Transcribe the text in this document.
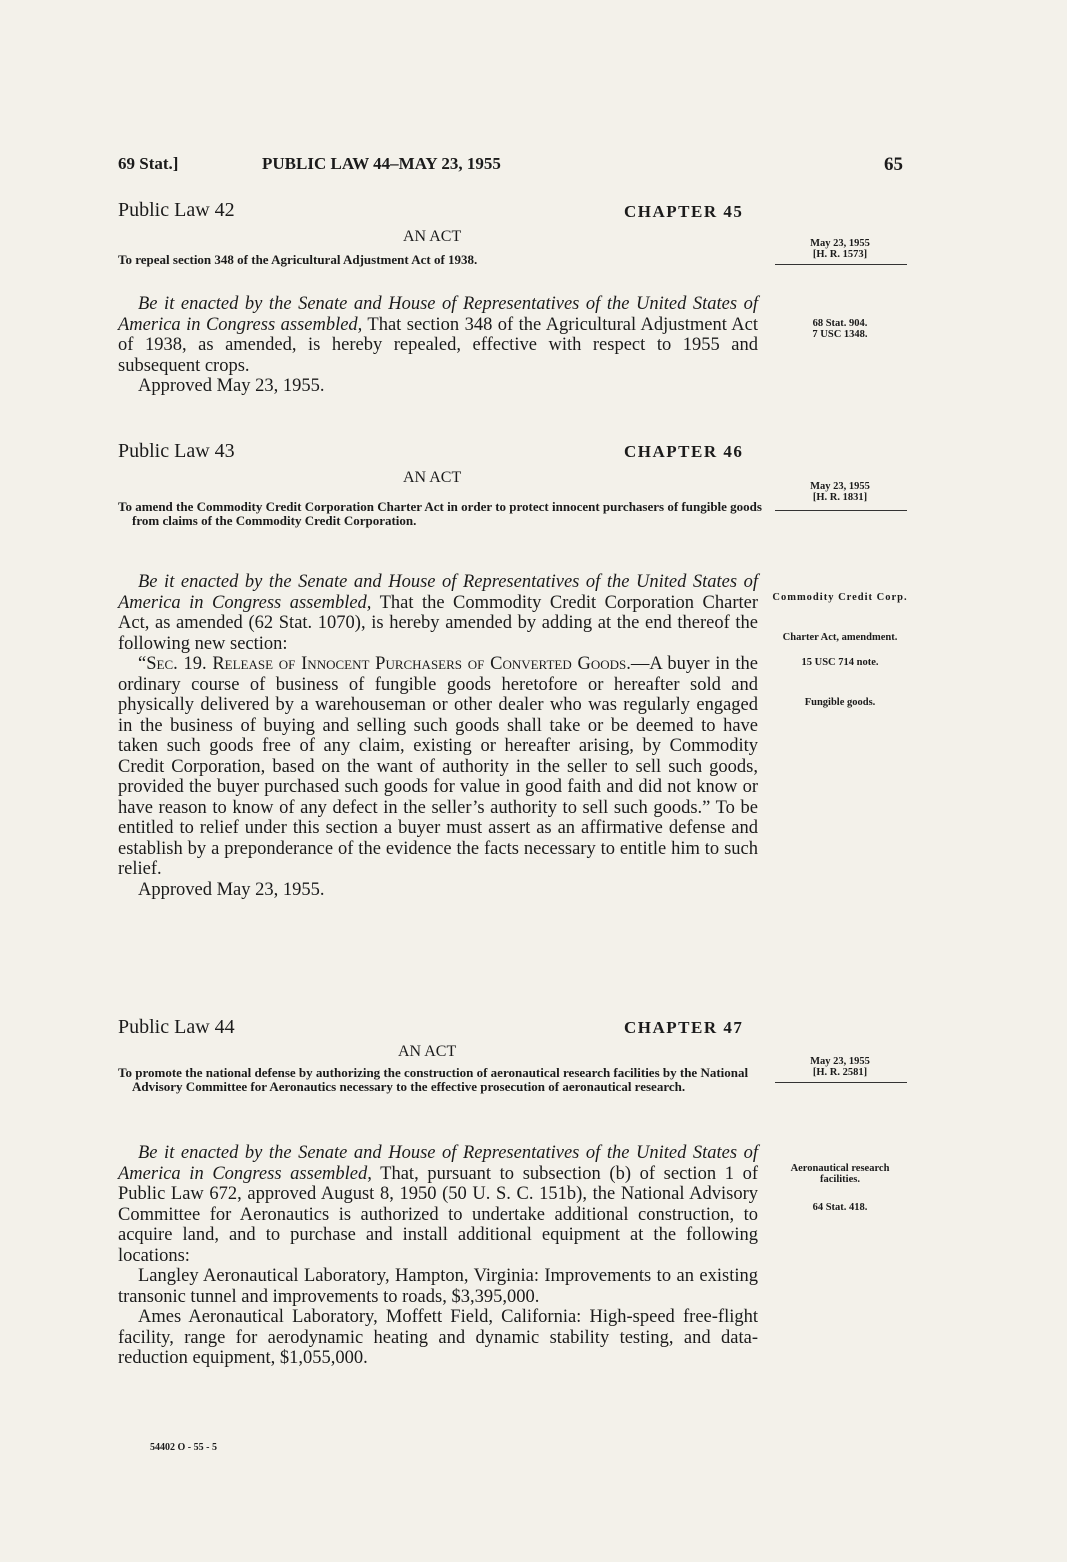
69 Stat.]	PUBLIC LAW 44–MAY 23, 1955	65
Public Law 42	CHAPTER 45
AN ACT
To repeal section 348 of the Agricultural Adjustment Act of 1938.
May 23, 1955
[H. R. 1573]

Be it enacted by the Senate and House of Representatives of the United States of America in Congress assembled, That section 348 of the Agricultural Adjustment Act of 1938, as amended, is hereby repealed, effective with respect to 1955 and subsequent crops.

Approved May 23, 1955.

68 Stat. 904.
7 USC 1348.
Public Law 43	CHAPTER 46
AN ACT
To amend the Commodity Credit Corporation Charter Act in order to protect innocent purchasers of fungible goods from claims of the Commodity Credit Corporation.
May 23, 1955
[H. R. 1831]

Be it enacted by the Senate and House of Representatives of the United States of America in Congress assembled, That the Commodity Credit Corporation Charter Act, as amended (62 Stat. 1070), is hereby amended by adding at the end thereof the following new section:

“Sec. 19. Release of Innocent Purchasers of Converted Goods.—A buyer in the ordinary course of business of fungible goods heretofore or hereafter sold and physically delivered by a warehouseman or other dealer who was regularly engaged in the business of buying and selling such goods shall take or be deemed to have taken such goods free of any claim, existing or hereafter arising, by Commodity Credit Corporation, based on the want of authority in the seller to sell such goods, provided the buyer purchased such goods for value in good faith and did not know or have reason to know of any defect in the seller’s authority to sell such goods.” To be entitled to relief under this section a buyer must assert as an affirmative defense and establish by a preponderance of the evidence the facts necessary to entitle him to such relief.

Approved May 23, 1955.

Commodity Credit Corp.
Charter Act, amendment.
15 USC 714 note.
Fungible goods.
Public Law 44	CHAPTER 47
AN ACT
To promote the national defense by authorizing the construction of aeronautical research facilities by the National Advisory Committee for Aeronautics necessary to the effective prosecution of aeronautical research.
May 23, 1955
[H. R. 2581]

Be it enacted by the Senate and House of Representatives of the United States of America in Congress assembled, That, pursuant to subsection (b) of section 1 of Public Law 672, approved August 8, 1950 (50 U. S. C. 151b), the National Advisory Committee for Aeronautics is authorized to undertake additional construction, to acquire land, and to purchase and install additional equipment at the following locations:

Langley Aeronautical Laboratory, Hampton, Virginia: Improvements to an existing transonic tunnel and improvements to roads, $3,395,000.

Ames Aeronautical Laboratory, Moffett Field, California: High-speed free-flight facility, range for aerodynamic heating and dynamic stability testing, and data-reduction equipment, $1,055,000.

Aeronautical research facilities.
64 Stat. 418.
54402 O - 55 - 5
